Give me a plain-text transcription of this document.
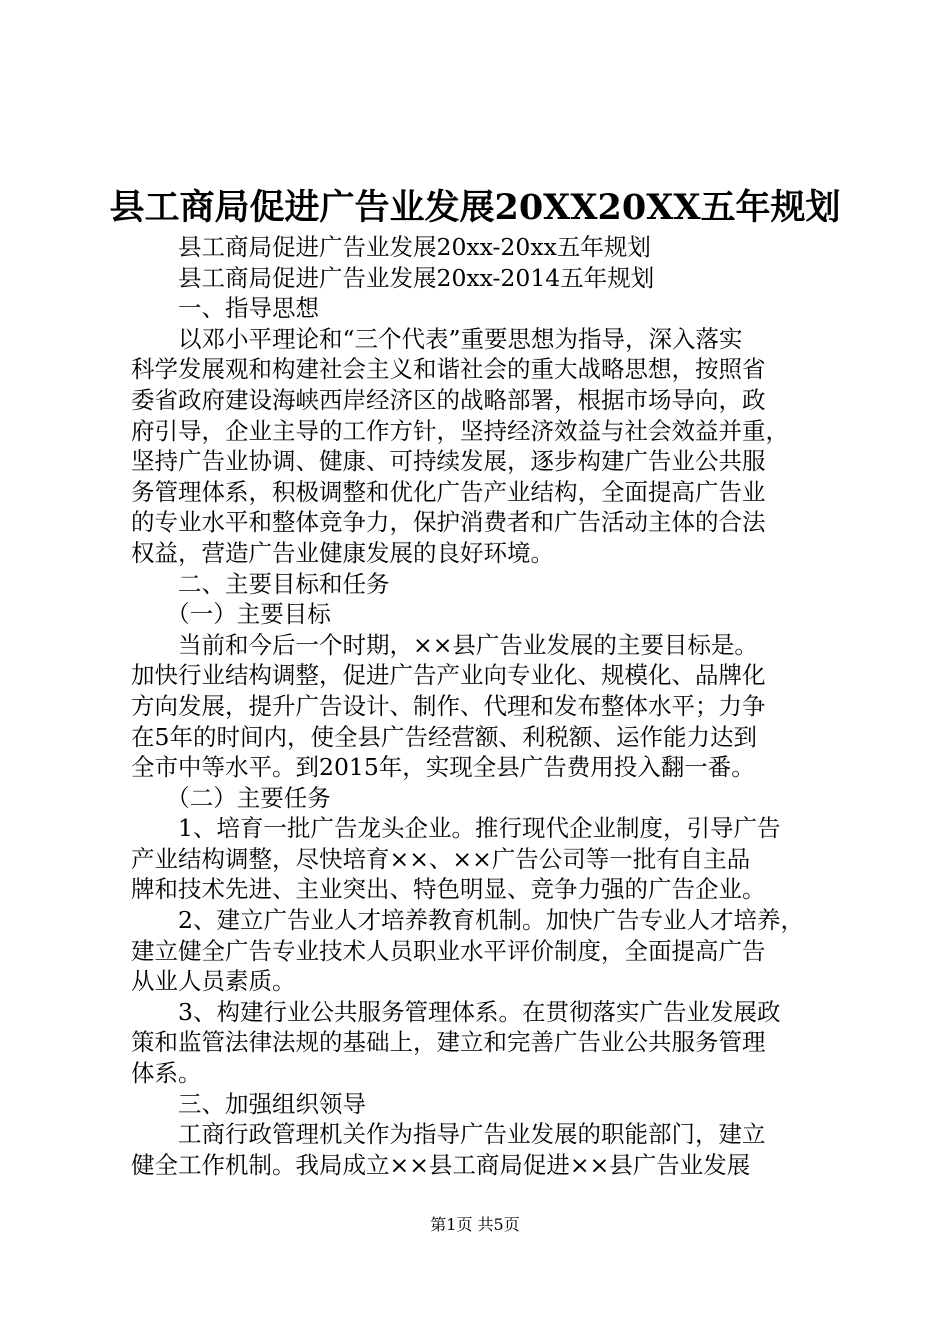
县工商局促进广告业发展20XX20XX五年规划
　　县工商局促进广告业发展20xx-20xx五年规划
　　县工商局促进广告业发展20xx-2014五年规划
　　一、指导思想
　　以邓小平理论和“三个代表”重要思想为指导，深入落实
科学发展观和构建社会主义和谐社会的重大战略思想，按照省
委省政府建设海峡西岸经济区的战略部署，根据市场导向，政
府引导，企业主导的工作方针，坚持经济效益与社会效益并重，
坚持广告业协调、健康、可持续发展，逐步构建广告业公共服
务管理体系，积极调整和优化广告产业结构，全面提高广告业
的专业水平和整体竞争力，保护消费者和广告活动主体的合法
权益，营造广告业健康发展的良好环境。
　　二、主要目标和任务
　　（一）主要目标
　　当前和今后一个时期，××县广告业发展的主要目标是。
加快行业结构调整，促进广告产业向专业化、规模化、品牌化
方向发展，提升广告设计、制作、代理和发布整体水平；力争
在5年的时间内，使全县广告经营额、利税额、运作能力达到
全市中等水平。到2015年，实现全县广告费用投入翻一番。
　　（二）主要任务
　　1、培育一批广告龙头企业。推行现代企业制度，引导广告
产业结构调整，尽快培育××、××广告公司等一批有自主品
牌和技术先进、主业突出、特色明显、竞争力强的广告企业。
　　2、建立广告业人才培养教育机制。加快广告专业人才培养，
建立健全广告专业技术人员职业水平评价制度，全面提高广告
从业人员素质。
　　3、构建行业公共服务管理体系。在贯彻落实广告业发展政
策和监管法律法规的基础上，建立和完善广告业公共服务管理
体系。
　　三、加强组织领导
　　工商行政管理机关作为指导广告业发展的职能部门，建立
健全工作机制。我局成立××县工商局促进××县广告业发展
第1页 共5页
